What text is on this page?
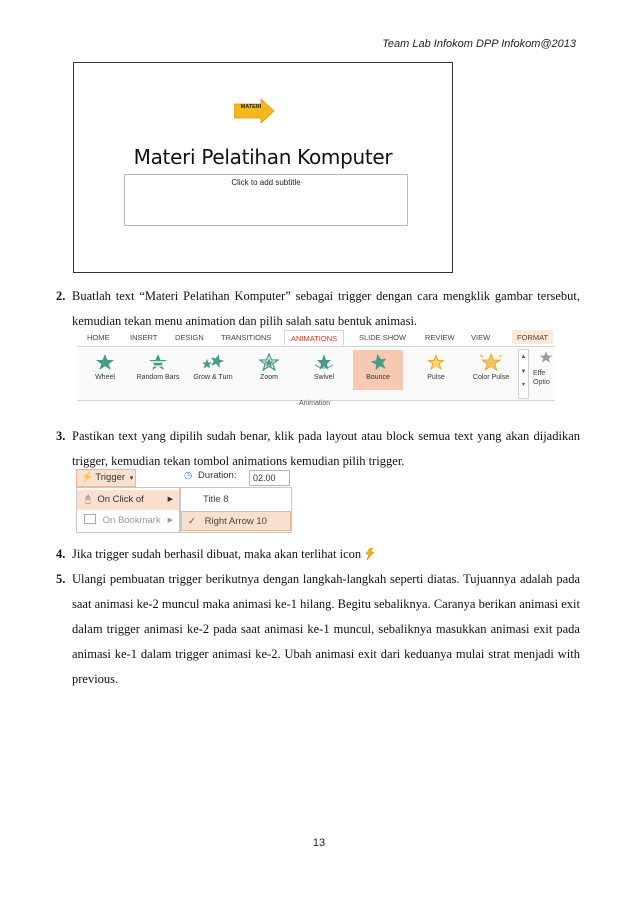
Team Lab Infokom DPP Infokom@2013
MATERI
Materi Pelatihan Komputer
Click to add subtitle
2. Buatlah text “Materi Pelatihan Komputer” sebagai trigger dengan cara mengklik gambar tersebut, kemudian tekan menu animation dan pilih salah satu bentuk animasi.
HOME	INSERT DESIGN TRANSITIONS	ANIMATIONS	SLIDE SHOW	REVIEW VIEW	FORMAT
Wheel	Random Bars	Grow & Turn	Zoom	Swivel	Bounce	Pulse	Color Pulse
▲
▼
▾
Effe
Optio
Animation
3. Pastikan text yang dipilih sudah benar, klik pada layout atau block semua text yang akan dijadikan trigger, kemudian tekan tombol animations kemudian pilih trigger.
⚡ Trigger ▾
🖰 On Click of	▶
On Bookmark ▶
◷ Duration:	02.00
Title 8
✓ Right Arrow 10
4. Jika trigger sudah berhasil dibuat, maka akan terlihat icon
5. Ulangi pembuatan trigger berikutnya dengan langkah-langkah seperti diatas. Tujuannya adalah pada saat animasi ke-2 muncul maka animasi ke-1 hilang. Begitu sebaliknya. Caranya berikan animasi exit dalam trigger animasi ke-2 pada saat animasi ke-1 muncul, sebaliknya masukkan animasi exit pada animasi ke-1 dalam trigger animasi ke-2. Ubah animasi exit dari keduanya mulai strat menjadi with previous.
13
